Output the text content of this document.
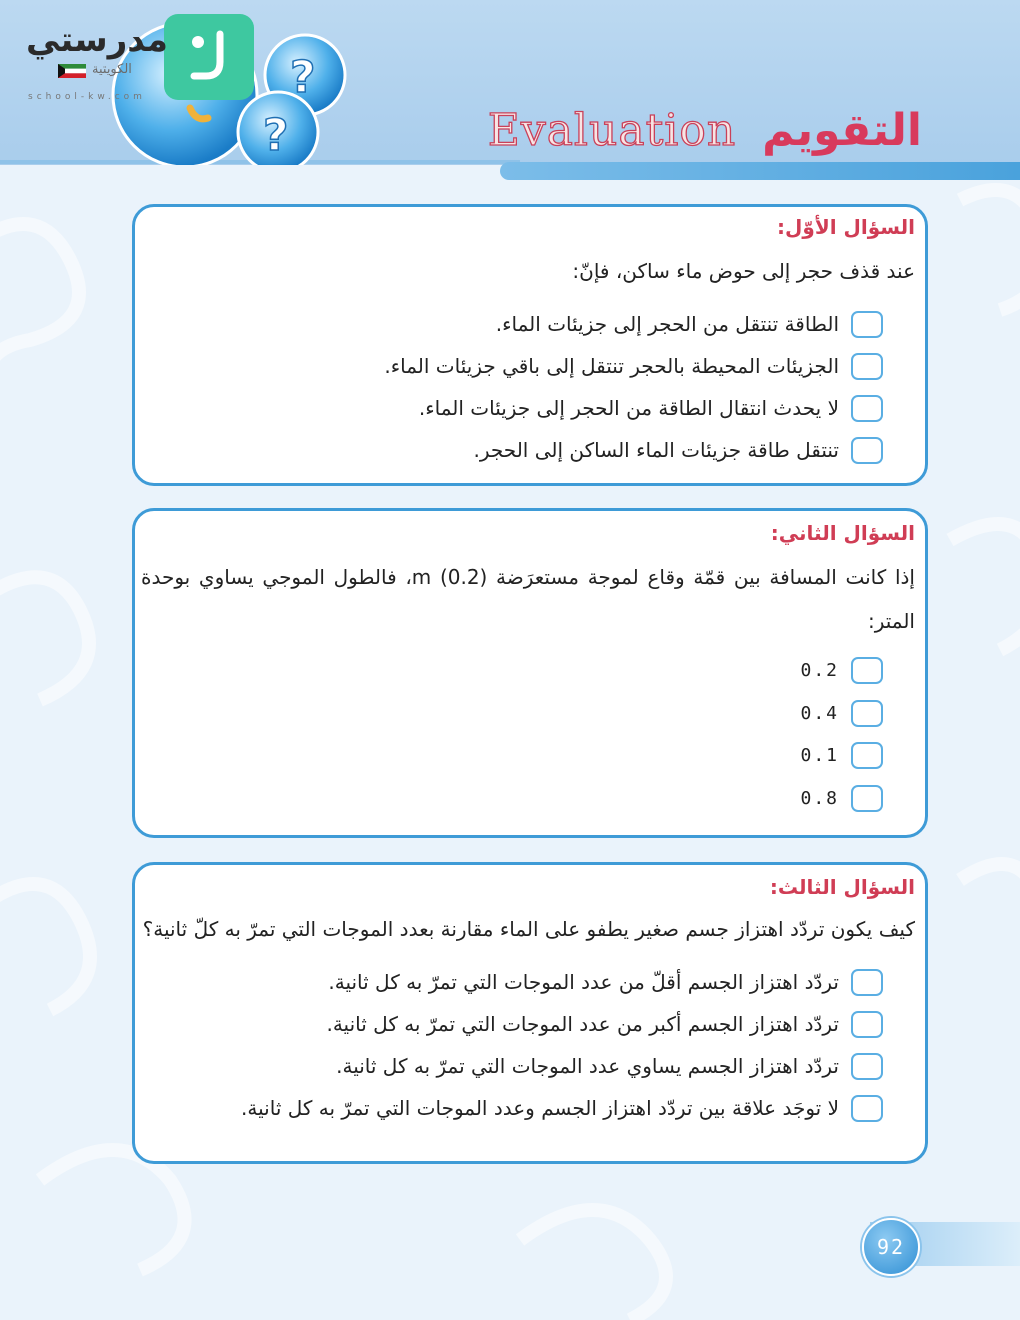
?
?
مدرستي
الكويتية
school-kw.com
Evaluation التقويم
السؤال الأوّل:
عند قذف حجر إلى حوض ماء ساكن، فإنّ:
الطاقة تنتقل من الحجر إلى جزيئات الماء.
الجزيئات المحيطة بالحجر تنتقل إلى باقي جزيئات الماء.
لا يحدث انتقال الطاقة من الحجر إلى جزيئات الماء.
تنتقل طاقة جزيئات الماء الساكن إلى الحجر.
السؤال الثاني:
إذا كانت المسافة بين قمّة وقاع لموجة مستعرَضة m (0.2)، فالطول الموجي يساوي بوحدة المتر:
0.2
0.4
0.1
0.8
السؤال الثالث:
كيف يكون تردّد اهتزاز جسم صغير يطفو على الماء مقارنة بعدد الموجات التي تمرّ به كلّ ثانية؟
تردّد اهتزاز الجسم أقلّ من عدد الموجات التي تمرّ به كل ثانية.
تردّد اهتزاز الجسم أكبر من عدد الموجات التي تمرّ به كل ثانية.
تردّد اهتزاز الجسم يساوي عدد الموجات التي تمرّ به كل ثانية.
لا توجَد علاقة بين تردّد اهتزاز الجسم وعدد الموجات التي تمرّ به كل ثانية.
92
